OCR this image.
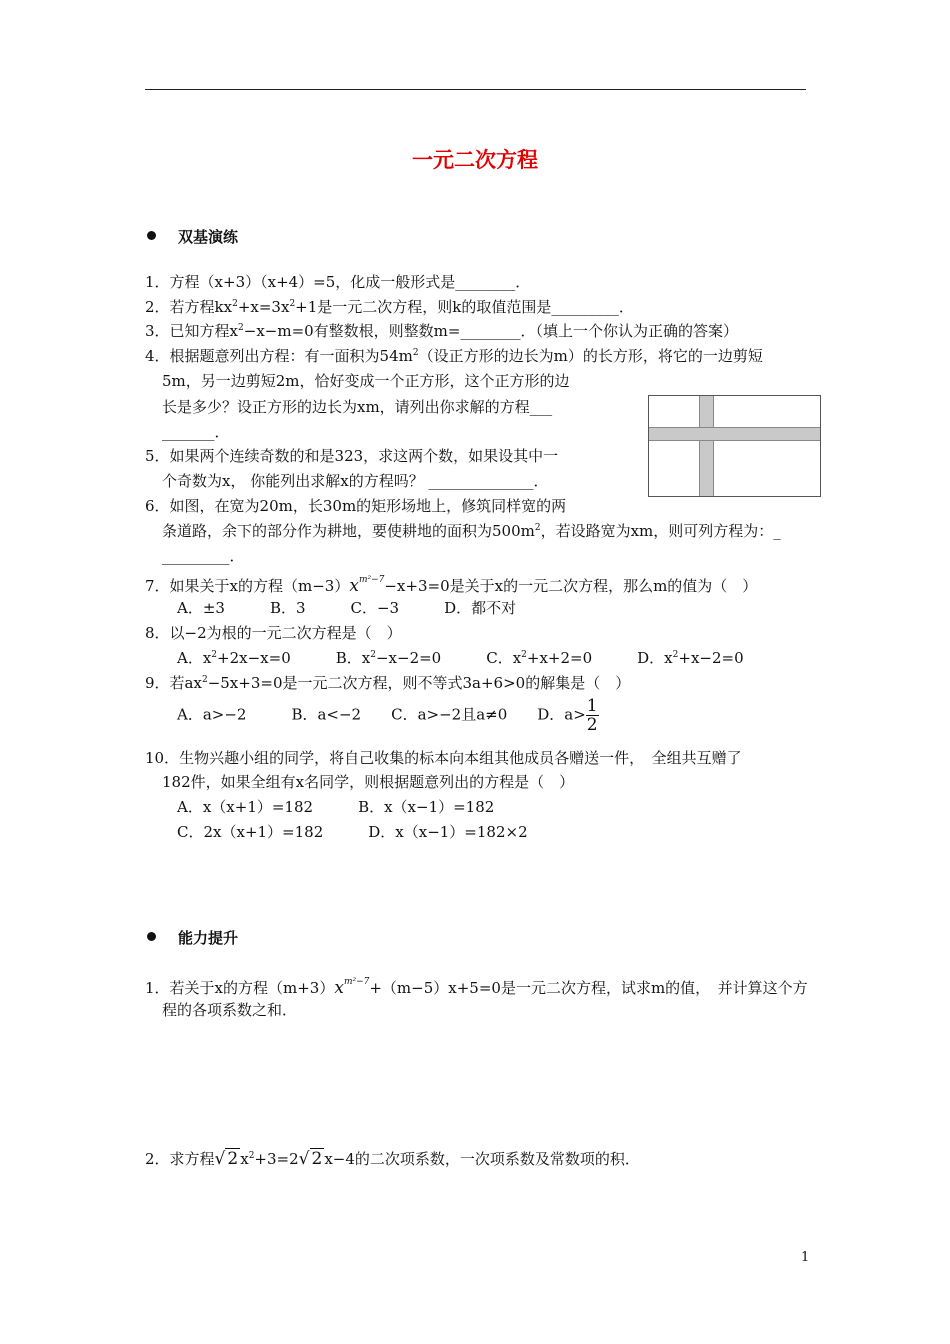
一元二次方程
双基演练
1．方程（x+3）（x+4）=5，化成一般形式是________．
2．若方程$kx^2+x=3x^2+1$是一元二次方程，则k的取值范围是_________．
3．已知方程$x^2-x-m=0$有整数根，则整数m=________．（填上一个你认为正确的答案）
4．根据题意列出方程：有一面积为$54m^2$（设正方形的边长为m）的长方形，将它的一边剪短
5m，另一边剪短2m，恰好变成一个正方形，这个正方形的边
长是多少？设正方形的边长为xm，请列出你求解的方程___
_______．
5．如果两个连续奇数的和是323，求这两个数，如果设其中一
个奇数为x， 你能列出求解x的方程吗？ ______________．
6．如图，在宽为20m，长30m的矩形场地上，修筑同样宽的两
条道路，余下的部分作为耕地，要使耕地的面积为$500m^2$，若设路宽为xm，则可列方程为：_
_________．
7．如果关于x的方程$(m-3)x^{m^2-7}-x+3=0$是关于x的一元二次方程，那么m的值为（　）
A．±3　　　B．3　　　C．−3　　　D．都不对
8．以−2为根的一元二次方程是（　）
A．$x^2+2x-x=0$　　　B．$x^2-x-2=0$　　　C．$x^2+x+2=0$　　　D．$x^2+x-2=0$
9．若$ax^2-5x+3=0$是一元二次方程，则不等式3a+6>0的解集是（　）
A．a>−2　　　B．a<−2　　C．a>−2且a≠0　　D．$a> \frac{1}{2}$
10．生物兴趣小组的同学，将自己收集的标本向本组其他成员各赠送一件，　全组共互赠了
182件，如果全组有x名同学，则根据题意列出的方程是（　）
A．x（x+1）=182　　　B．x（x−1）=182
C．2x（x+1）=182　　　D．x（x−1）=182×2
能力提升
1．若关于x的方程$(m+3)x^{m^2-7}+(m-5)x+5=0$是一元二次方程，试求m的值，　并计算这个方
程的各项系数之和．
2．求方程√ 2 $x^2+3=2√$ 2 x−4的二次项系数，一次项系数及常数项的积．
1
